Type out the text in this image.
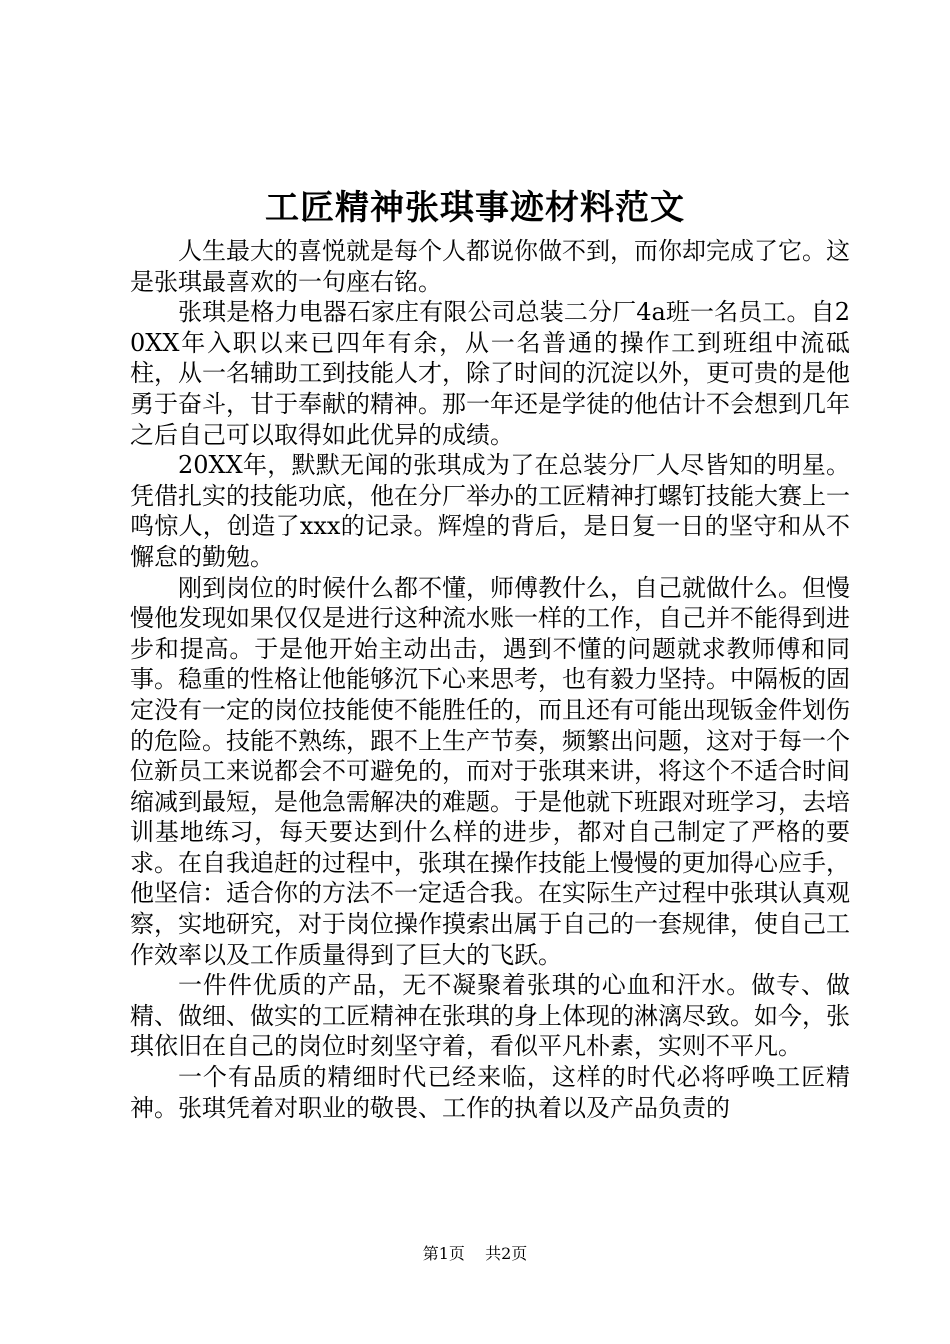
工匠精神张琪事迹材料范文

人生最大的喜悦就是每个人都说你做不到，而你却完成了它。这是张琪最喜欢的一句座右铭。

张琪是格力电器石家庄有限公司总装二分厂4a班一名员工。自20XX年入职以来已四年有余，从一名普通的操作工到班组中流砥柱，从一名辅助工到技能人才，除了时间的沉淀以外，更可贵的是他勇于奋斗，甘于奉献的精神。那一年还是学徒的他估计不会想到几年之后自己可以取得如此优异的成绩。

20XX年，默默无闻的张琪成为了在总装分厂人尽皆知的明星。凭借扎实的技能功底，他在分厂举办的工匠精神打螺钉技能大赛上一鸣惊人，创造了xxx的记录。辉煌的背后，是日复一日的坚守和从不懈怠的勤勉。

刚到岗位的时候什么都不懂，师傅教什么，自己就做什么。但慢慢他发现如果仅仅是进行这种流水账一样的工作，自己并不能得到进步和提高。于是他开始主动出击，遇到不懂的问题就求教师傅和同事。稳重的性格让他能够沉下心来思考，也有毅力坚持。中隔板的固定没有一定的岗位技能使不能胜任的，而且还有可能出现钣金件划伤的危险。技能不熟练，跟不上生产节奏，频繁出问题，这对于每一个位新员工来说都会不可避免的，而对于张琪来讲，将这个不适合时间缩减到最短，是他急需解决的难题。于是他就下班跟对班学习，去培训基地练习，每天要达到什么样的进步，都对自己制定了严格的要求。在自我追赶的过程中，张琪在操作技能上慢慢的更加得心应手，他坚信：适合你的方法不一定适合我。在实际生产过程中张琪认真观察，实地研究，对于岗位操作摸索出属于自己的一套规律，使自己工作效率以及工作质量得到了巨大的飞跃。

一件件优质的产品，无不凝聚着张琪的心血和汗水。做专、做精、做细、做实的工匠精神在张琪的身上体现的淋漓尽致。如今，张琪依旧在自己的岗位时刻坚守着，看似平凡朴素，实则不平凡。

一个有品质的精细时代已经来临，这样的时代必将呼唤工匠精神。张琪凭着对职业的敬畏、工作的执着以及产品负责的

第1页 共2页
